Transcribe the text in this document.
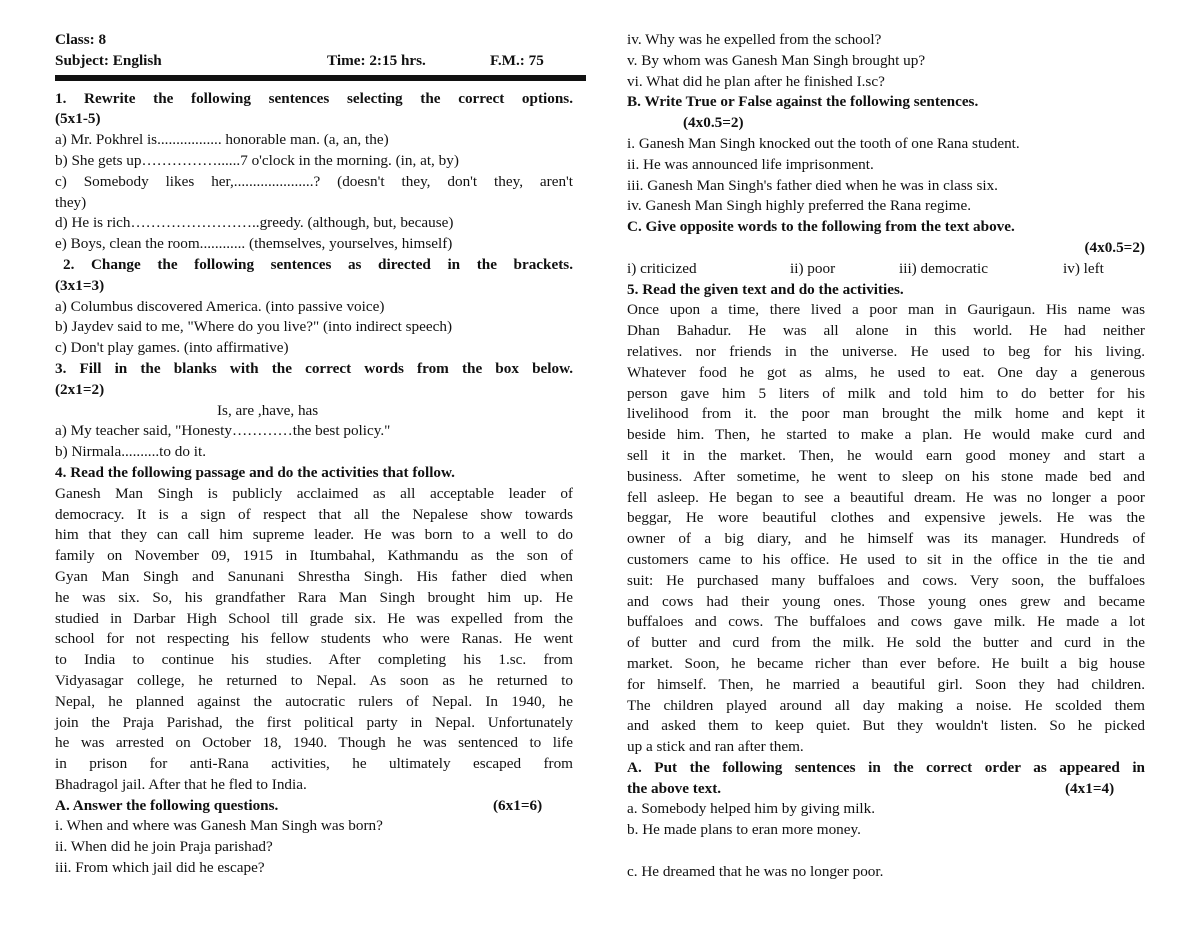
Class: 8
Subject: English	Time: 2:15 hrs.	F.M.: 75
1. Rewrite the following sentences selecting the correct options.
(5x1-5)
a) Mr. Pokhrel is................. honorable man. (a, an, the)
b) She gets up……………......7 o'clock in the morning. (in, at, by)
c) Somebody likes her,.....................? (doesn't they, don't they, aren't
they)
d) He is rich……………………..greedy. (although, but, because)
e) Boys, clean the room............ (themselves, yourselves, himself)
2. Change the following sentences as directed in the brackets.
(3x1=3)
a) Columbus discovered America. (into passive voice)
b) Jaydev said to me, "Where do you live?" (into indirect speech)
c) Don't play games. (into affirmative)
3. Fill in the blanks with the correct words from the box below.
(2x1=2)
Is, are ,have, has
a) My teacher said, "Honesty…………the best policy."
b) Nirmala..........to do it.
4. Read the following passage and do the activities that follow.
Ganesh Man Singh is publicly acclaimed as all acceptable leader of
democracy. It is a sign of respect that all the Nepalese show towards
him that they can call him supreme leader. He was born to a well to do
family on November 09, 1915 in Itumbahal, Kathmandu as the son of
Gyan Man Singh and Sanunani Shrestha Singh. His father died when
he was six. So, his grandfather Rara Man Singh brought him up. He
studied in Darbar High School till grade six. He was expelled from the
school for not respecting his fellow students who were Ranas. He went
to India to continue his studies. After completing his 1.sc. from
Vidyasagar college, he returned to Nepal. As soon as he returned to
Nepal, he planned against the autocratic rulers of Nepal. In 1940, he
join the Praja Parishad, the first political party in Nepal. Unfortunately
he was arrested on October 18, 1940. Though he was sentenced to life
in prison for anti-Rana activities, he ultimately escaped from
Bhadragol jail. After that he fled to India.
A. Answer the following questions.	(6x1=6)
i. When and where was Ganesh Man Singh was born?
ii. When did he join Praja parishad?
iii. From which jail did he escape?
iv. Why was he expelled from the school?
v. By whom was Ganesh Man Singh brought up?
vi. What did he plan after he finished I.sc?
B. Write True or False against the following sentences.
(4x0.5=2)
i. Ganesh Man Singh knocked out the tooth of one Rana student.
ii. He was announced life imprisonment.
iii. Ganesh Man Singh's father died when he was in class six.
iv. Ganesh Man Singh highly preferred the Rana regime.
C. Give opposite words to the following from the text above.
(4x0.5=2)
i) criticized	ii) poor	iii) democratic	iv) left
5. Read the given text and do the activities.
Once upon a time, there lived a poor man in Gaurigaun. His name was
Dhan Bahadur. He was all alone in this world. He had neither
relatives. nor friends in the universe. He used to beg for his living.
Whatever food he got as alms, he used to eat. One day a generous
person gave him 5 liters of milk and told him to do better for his
livelihood from it. the poor man brought the milk home and kept it
beside him. Then, he started to make a plan. He would make curd and
sell it in the market. Then, he would earn good money and start a
business. After sometime, he went to sleep on his stone made bed and
fell asleep. He began to see a beautiful dream. He was no longer a poor
beggar, He wore beautiful clothes and expensive jewels. He was the
owner of a big diary, and he himself was its manager. Hundreds of
customers came to his office. He used to sit in the office in the tie and
suit: He purchased many buffaloes and cows. Very soon, the buffaloes
and cows had their young ones. Those young ones grew and became
buffaloes and cows. The buffaloes and cows gave milk. He made a lot
of butter and curd from the milk. He sold the butter and curd in the
market. Soon, he became richer than ever before. He built a big house
for himself. Then, he married a beautiful girl. Soon they had children.
The children played around all day making a noise. He scolded them
and asked them to keep quiet. But they wouldn't listen. So he picked
up a stick and ran after them.
A. Put the following sentences in the correct order as appeared in
the above text.	(4x1=4)
a. Somebody helped him by giving milk.
b. He made plans to eran more money.
c. He dreamed that he was no longer poor.
